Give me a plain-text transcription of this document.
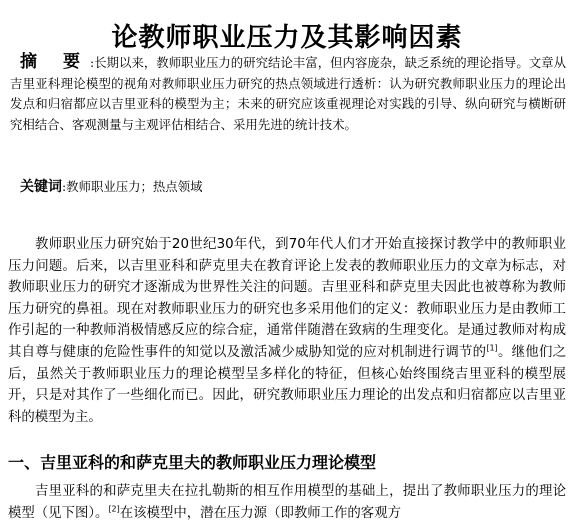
论教师职业压力及其影响因素

摘 要:长期以来，教师职业压力的研究结论丰富，但内容庞杂，缺乏系统的理论指导。文章从吉里亚科理论模型的视角对教师职业压力研究的热点领域进行透析：认为研究教师职业压力的理论出发点和归宿都应以吉里亚科的模型为主；未来的研究应该重视理论对实践的引导、纵向研究与横断研究相结合、客观测量与主观评估相结合、采用先进的统计技术。

关键词:教师职业压力；热点领域

教师职业压力研究始于20世纪30年代，到70年代人们才开始直接探讨教学中的教师职业压力问题。后来，以吉里亚科和萨克里夫在教育评论上发表的教师职业压力的文章为标志，对教师职业压力的研究才逐渐成为世界性关注的问题。吉里亚科和萨克里夫因此也被尊称为教师压力研究的鼻祖。现在对教师职业压力的研究也多采用他们的定义：教师职业压力是由教师工作引起的一种教师消极情感反应的综合症，通常伴随潜在致病的生理变化。是通过教师对构成其自尊与健康的危险性事件的知觉以及激活减少威胁知觉的应对机制进行调节的[1]。继他们之后，虽然关于教师职业压力的理论模型呈多样化的特征，但核心始终围绕吉里亚科的模型展开，只是对其作了一些细化而已。因此，研究教师职业压力理论的出发点和归宿都应以吉里亚科的模型为主。

一、吉里亚科的和萨克里夫的教师职业压力理论模型

吉里亚科的和萨克里夫在拉扎勒斯的相互作用模型的基础上，提出了教师职业压力的理论模型（见下图）。[2]在该模型中，潜在压力源（即教师工作的客观方
